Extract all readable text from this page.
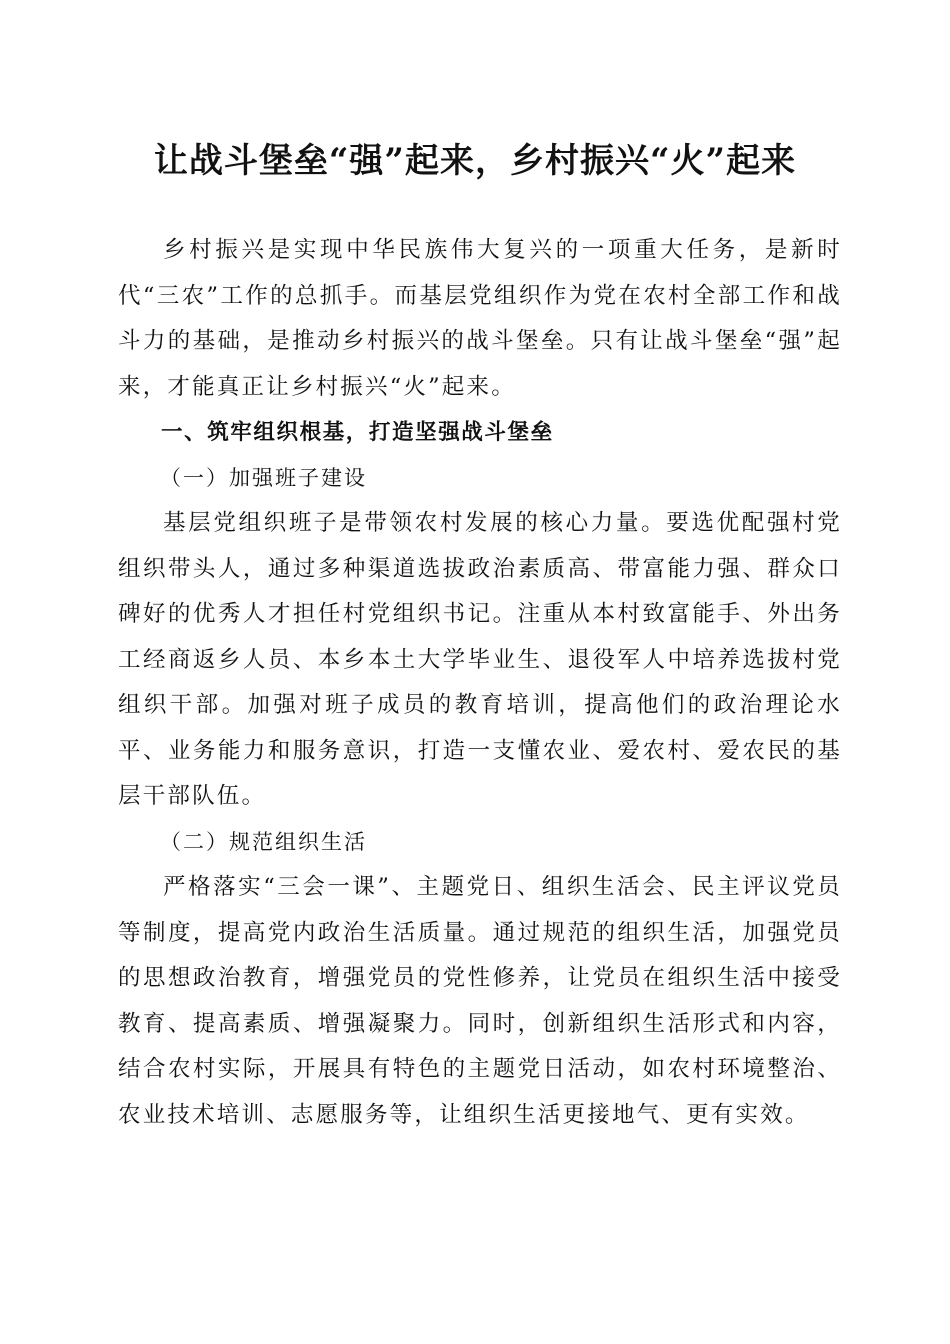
让战斗堡垒“强”起来，乡村振兴“火”起来

乡村振兴是实现中华民族伟大复兴的一项重大任务，是新时代“三农”工作的总抓手。而基层党组织作为党在农村全部工作和战斗力的基础，是推动乡村振兴的战斗堡垒。只有让战斗堡垒“强”起来，才能真正让乡村振兴“火”起来。

一、筑牢组织根基，打造坚强战斗堡垒

（一）加强班子建设

基层党组织班子是带领农村发展的核心力量。要选优配强村党组织带头人，通过多种渠道选拔政治素质高、带富能力强、群众口碑好的优秀人才担任村党组织书记。注重从本村致富能手、外出务工经商返乡人员、本乡本土大学毕业生、退役军人中培养选拔村党组织干部。加强对班子成员的教育培训，提高他们的政治理论水平、业务能力和服务意识，打造一支懂农业、爱农村、爱农民的基层干部队伍。

（二）规范组织生活

严格落实“三会一课”、主题党日、组织生活会、民主评议党员等制度，提高党内政治生活质量。通过规范的组织生活，加强党员的思想政治教育，增强党员的党性修养，让党员在组织生活中接受教育、提高素质、增强凝聚力。同时，创新组织生活形式和内容，结合农村实际，开展具有特色的主题党日活动，如农村环境整治、农业技术培训、志愿服务等，让组织生活更接地气、更有实效。
